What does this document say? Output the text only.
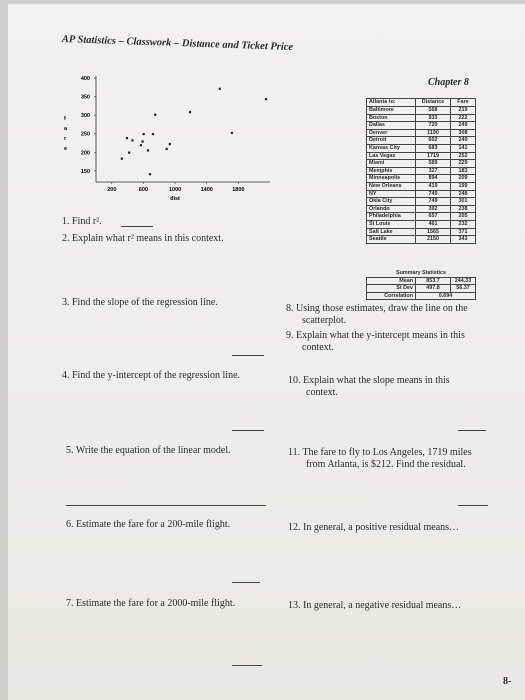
AP Statistics – Classwork – Distance and Ticket Price
Chapter 8
f
a
r
e
400
350
300
250
200
150
200	600	1000	1400	1800
dist
Atlanta to:	Distance	Fare
Baltimore	568	219
Boston	933	222
Dallas	720	249
Denver	1190	308
Detroit	602	249
Kansas City	683	141
Las Vegas	1719	252
Miami	589	229
Memphis	327	183
Minneapolis	894	209
New Orleans	419	199
NY	749	248
Okla City	749	301
Orlando	392	238
Philadelphia	657	205
St Louis	461	232
Salt Lake	1565	371
Seattle	2150	343
Summary Statistics		
Mean	853.7	244.33
St Dev	497.8	56.37
Correlation	0.694	
1. Find r².
2. Explain what r² means in this context.
3. Find the slope of the regression line.
4. Find the y-intercept of the regression line.
5. Write the equation of the linear model.
6. Estimate the fare for a 200-mile flight.
7. Estimate the fare for a 2000-mile flight.
8. Using those estimates, draw the line on the
scatterplot.
9. Explain what the y-intercept means in this
context.
10. Explain what the slope means in this
context.
11. The fare to fly to Los Angeles, 1719 miles
from Atlanta, is $212. Find the residual.
12. In general, a positive residual means…
13. In general, a negative residual means…
8-
